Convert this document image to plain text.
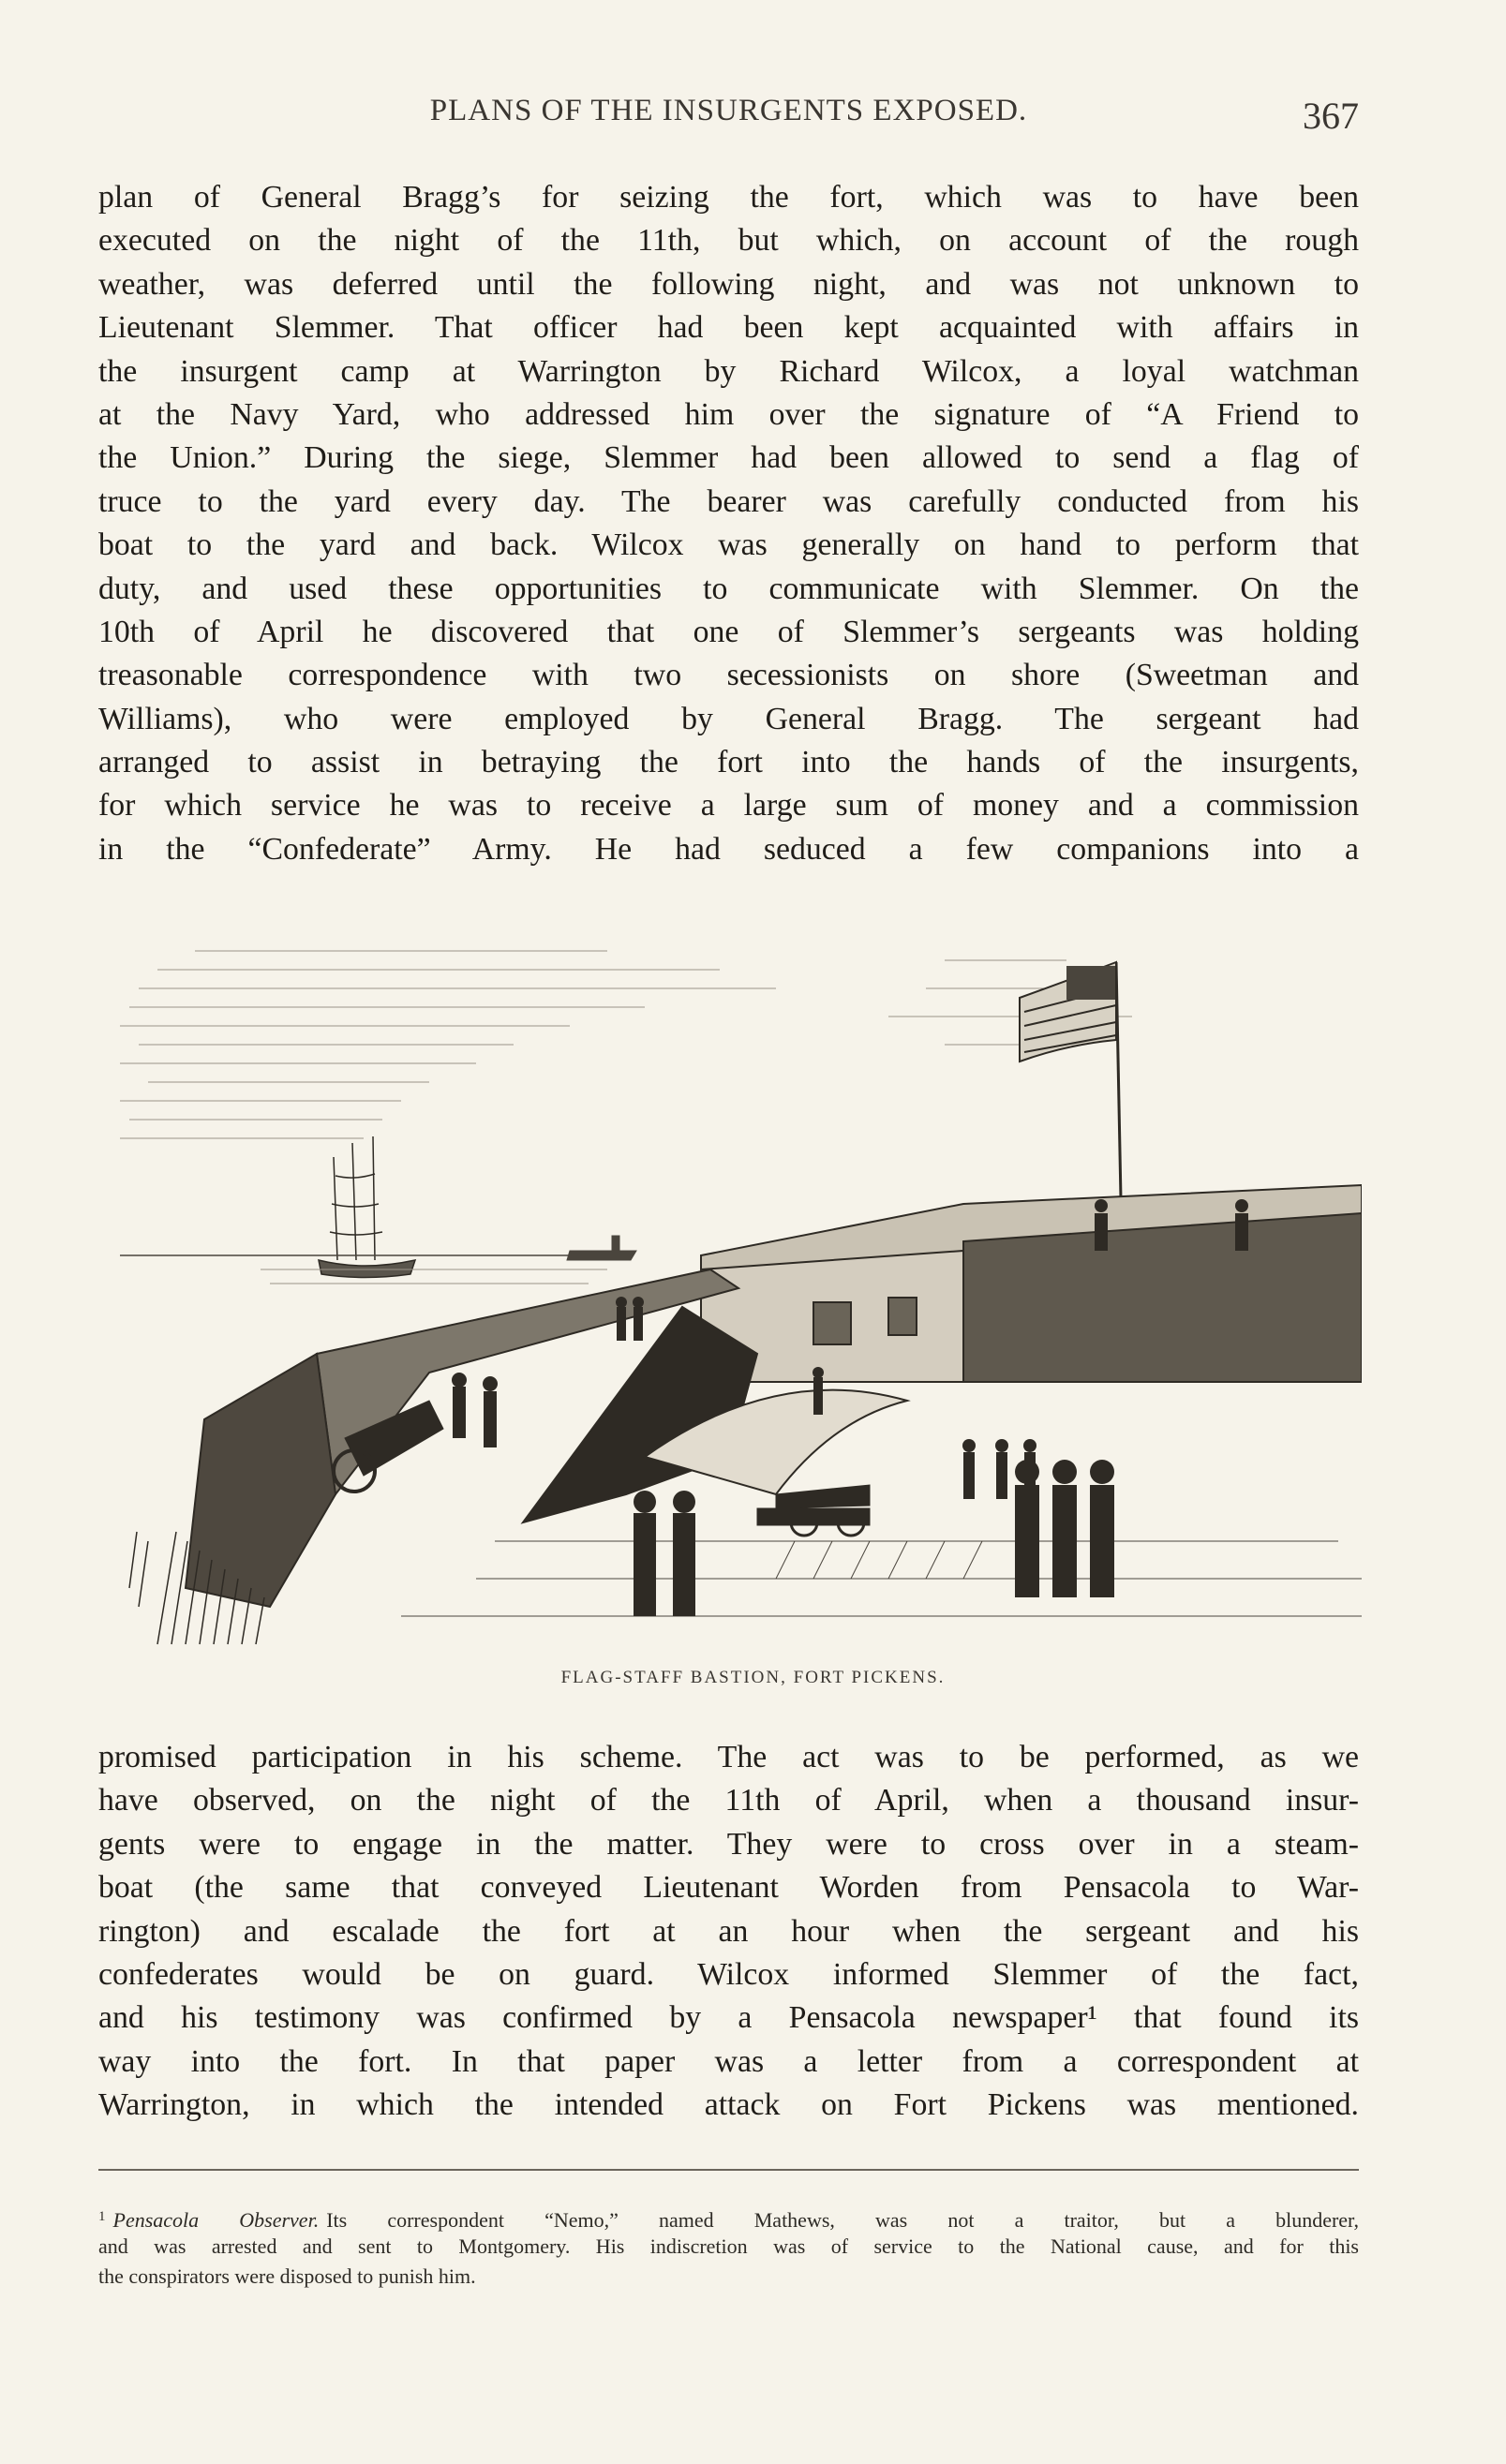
PLANS OF THE INSURGENTS EXPOSED.	367
plan of General Bragg’s for seizing the fort, which was to have been
executed on the night of the 11th, but which, on account of the rough
weather, was deferred until the following night, and was not unknown to
Lieutenant Slemmer. That officer had been kept acquainted with affairs in
the insurgent camp at Warrington by Richard Wilcox, a loyal watchman
at the Navy Yard, who addressed him over the signature of “A Friend to
the Union.” During the siege, Slemmer had been allowed to send a flag of
truce to the yard every day. The bearer was carefully conducted from his
boat to the yard and back. Wilcox was generally on hand to perform that
duty, and used these opportunities to communicate with Slemmer. On the
10th of April he discovered that one of Slemmer’s sergeants was holding
treasonable correspondence with two secessionists on shore (Sweetman and
Williams), who were employed by General Bragg. The sergeant had
arranged to assist in betraying the fort into the hands of the insurgents,
for which service he was to receive a large sum of money and a commission
in the “Confederate” Army. He had seduced a few companions into a
FLAG-STAFF BASTION, FORT PICKENS.
promised participation in his scheme. The act was to be performed, as we
have observed, on the night of the 11th of April, when a thousand insur-
gents were to engage in the matter. They were to cross over in a steam-
boat (the same that conveyed Lieutenant Worden from Pensacola to War-
rington) and escalade the fort at an hour when the sergeant and his
confederates would be on guard. Wilcox informed Slemmer of the fact,
and his testimony was confirmed by a Pensacola newspaper¹ that found its
way into the fort. In that paper was a letter from a correspondent at
Warrington, in which the intended attack on Fort Pickens was mentioned.
$^1$ Pensacola Observer. Its correspondent “Nemo,” named Mathews, was not a traitor, but a blunderer,
and was arrested and sent to Montgomery. His indiscretion was of service to the National cause, and for this
the conspirators were disposed to punish him.
